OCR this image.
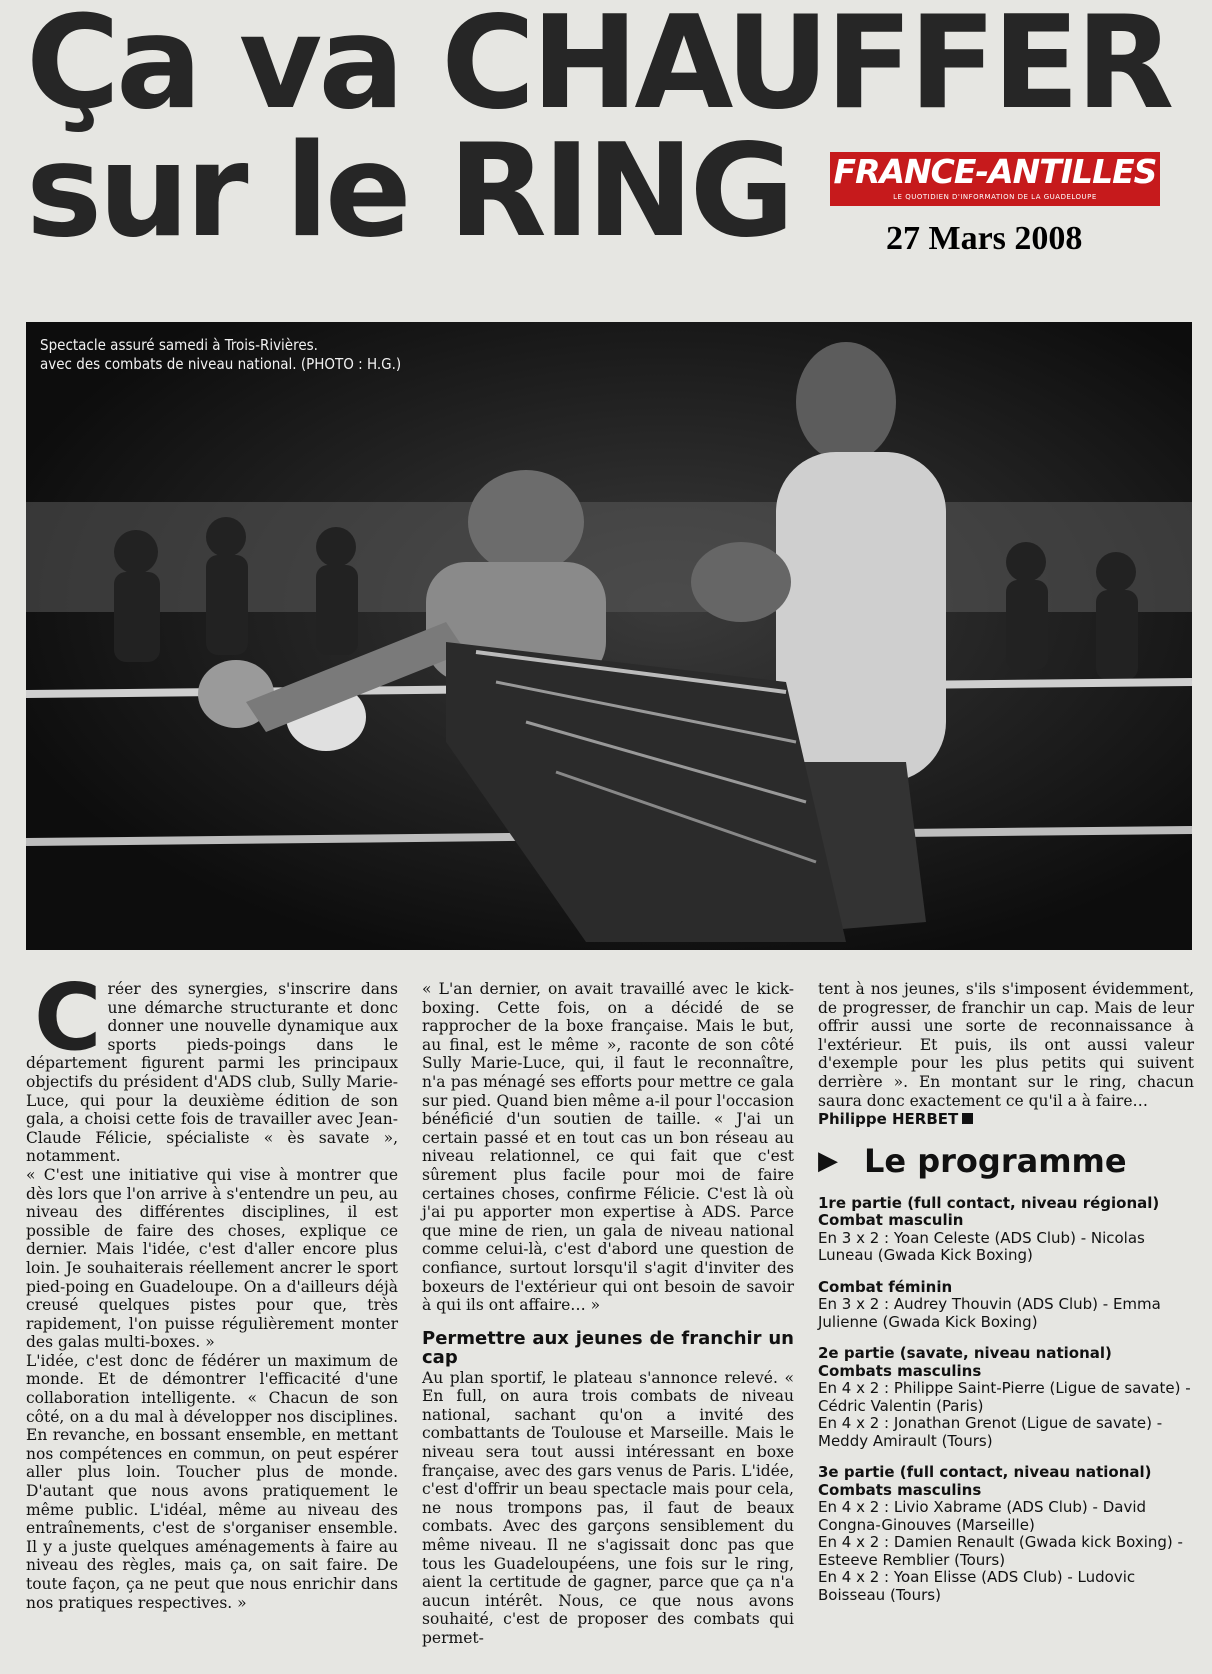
Ça va CHAUFFER
sur le RING	FRANCE-ANTILLES
LE QUOTIDIEN D'INFORMATION DE LA GUADELOUPE
27 Mars 2008
Spectacle assuré samedi à Trois-Rivières.
avec des combats de niveau national. (PHOTO : H.G.)

Créer des synergies, s'inscrire dans une démarche structurante et donc donner une nouvelle dynamique aux sports pieds-poings dans le département figurent parmi les principaux objectifs du président d'ADS club, Sully Marie-Luce, qui pour la deuxième édition de son gala, a choisi cette fois de travailler avec Jean-Claude Félicie, spécialiste « ès savate », notamment.

« C'est une initiative qui vise à montrer que dès lors que l'on arrive à s'entendre un peu, au niveau des différentes disciplines, il est possible de faire des choses, explique ce dernier. Mais l'idée, c'est d'aller encore plus loin. Je souhaiterais réellement ancrer le sport pied-poing en Guadeloupe. On a d'ailleurs déjà creusé quelques pistes pour que, très rapidement, l'on puisse régulièrement monter des galas multi-boxes. »

L'idée, c'est donc de fédérer un maximum de monde. Et de démontrer l'efficacité d'une collaboration intelligente. « Chacun de son côté, on a du mal à développer nos disciplines. En revanche, en bossant ensemble, en mettant nos compétences en commun, on peut espérer aller plus loin. Toucher plus de monde. D'autant que nous avons pratiquement le même public. L'idéal, même au niveau des entraînements, c'est de s'organiser ensemble. Il y a juste quelques aménagements à faire au niveau des règles, mais ça, on sait faire. De toute façon, ça ne peut que nous enrichir dans nos pratiques respectives. »

« L'an dernier, on avait travaillé avec le kick-boxing. Cette fois, on a décidé de se rapprocher de la boxe française. Mais le but, au final, est le même », raconte de son côté Sully Marie-Luce, qui, il faut le reconnaître, n'a pas ménagé ses efforts pour mettre ce gala sur pied. Quand bien même a-il pour l'occasion bénéficié d'un soutien de taille. « J'ai un certain passé et en tout cas un bon réseau au niveau relationnel, ce qui fait que c'est sûrement plus facile pour moi de faire certaines choses, confirme Félicie. C'est là où j'ai pu apporter mon expertise à ADS. Parce que mine de rien, un gala de niveau national comme celui-là, c'est d'abord une question de confiance, surtout lorsqu'il s'agit d'inviter des boxeurs de l'extérieur qui ont besoin de savoir à qui ils ont affaire… »

Permettre aux jeunes de franchir un cap

Au plan sportif, le plateau s'annonce relevé. « En full, on aura trois combats de niveau national, sachant qu'on a invité des combattants de Toulouse et Marseille. Mais le niveau sera tout aussi intéressant en boxe française, avec des gars venus de Paris. L'idée, c'est d'offrir un beau spectacle mais pour cela, ne nous trompons pas, il faut de beaux combats. Avec des garçons sensiblement du même niveau. Il ne s'agissait donc pas que tous les Guadeloupéens, une fois sur le ring, aient la certitude de gagner, parce que ça n'a aucun intérêt. Nous, ce que nous avons souhaité, c'est de proposer des combats qui permet-

tent à nos jeunes, s'ils s'imposent évidemment, de progresser, de franchir un cap. Mais de leur offrir aussi une sorte de reconnaissance à l'extérieur. Et puis, ils ont aussi valeur d'exemple pour les plus petits qui suivent derrière ». En montant sur le ring, chacun saura donc exactement ce qu'il a à faire…

Philippe HERBET
▶ Le programme
1re partie (full contact, niveau régional)
Combat masculin
En 3 x 2 : Yoan Celeste (ADS Club) - Nicolas Luneau (Gwada Kick Boxing)
Combat féminin
En 3 x 2 : Audrey Thouvin (ADS Club) - Emma Julienne (Gwada Kick Boxing)
2e partie (savate, niveau national)
Combats masculins
En 4 x 2 : Philippe Saint-Pierre (Ligue de savate) - Cédric Valentin (Paris)
En 4 x 2 : Jonathan Grenot (Ligue de savate) - Meddy Amirault (Tours)
3e partie (full contact, niveau national)
Combats masculins
En 4 x 2 : Livio Xabrame (ADS Club) - David Congna-Ginouves (Marseille)
En 4 x 2 : Damien Renault (Gwada kick Boxing) - Esteeve Remblier (Tours)
En 4 x 2 : Yoan Elisse (ADS Club) - Ludovic Boisseau (Tours)
